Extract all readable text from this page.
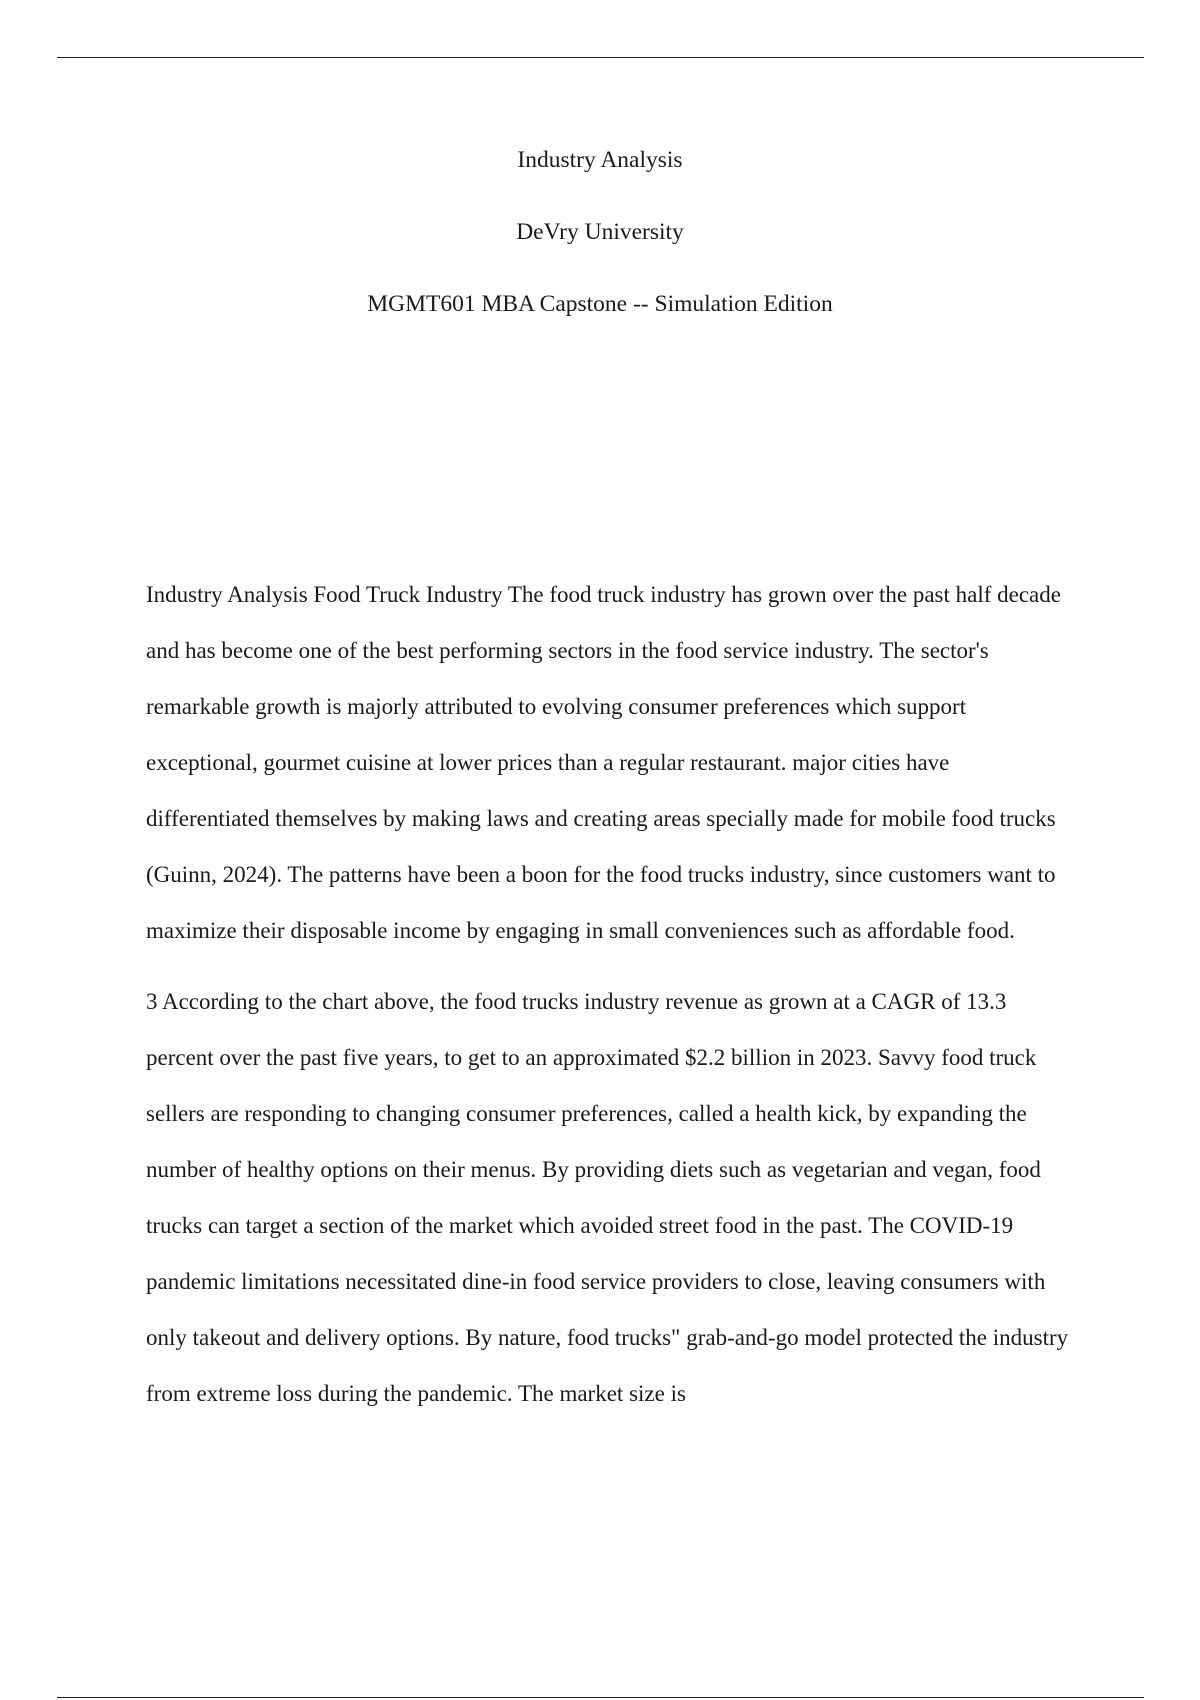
Industry Analysis

DeVry University

MGMT601 MBA Capstone -- Simulation Edition

Industry Analysis Food Truck Industry The food truck industry has grown over the past half decade and has become one of the best performing sectors in the food service industry. The sector's remarkable growth is majorly attributed to evolving consumer preferences which support exceptional, gourmet cuisine at lower prices than a regular restaurant. major cities have differentiated themselves by making laws and creating areas specially made for mobile food trucks (Guinn, 2024). The patterns have been a boon for the food trucks industry, since customers want to maximize their disposable income by engaging in small conveniences such as affordable food.

3 According to the chart above, the food trucks industry revenue as grown at a CAGR of 13.3 percent over the past five years, to get to an approximated $2.2 billion in 2023. Savvy food truck sellers are responding to changing consumer preferences, called a health kick, by expanding the number of healthy options on their menus. By providing diets such as vegetarian and vegan, food trucks can target a section of the market which avoided street food in the past. The COVID-19 pandemic limitations necessitated dine-in food service providers to close, leaving consumers with only takeout and delivery options. By nature, food trucks" grab-and-go model protected the industry from extreme loss during the pandemic. The market size is
